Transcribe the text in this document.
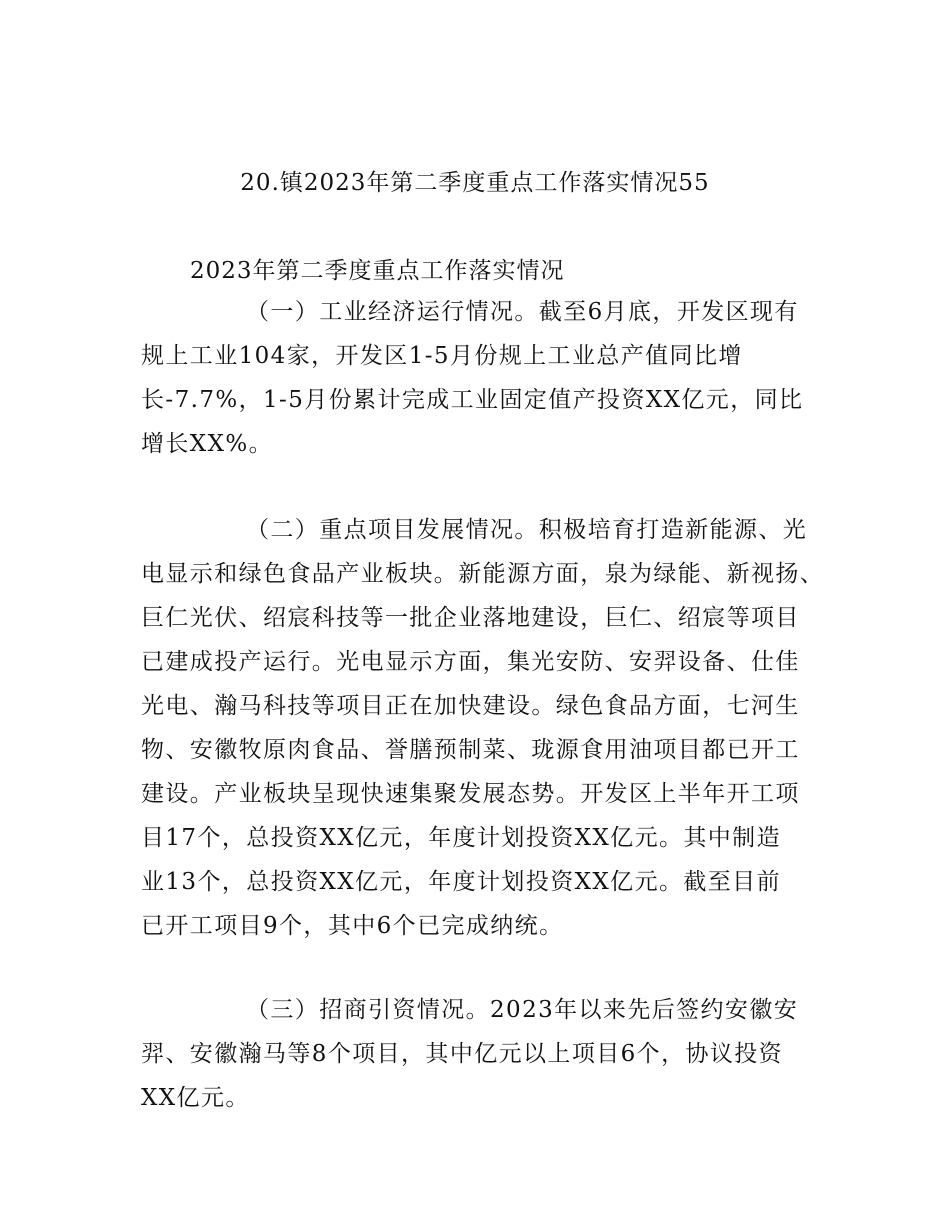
20.镇2023年第二季度重点工作落实情况55

2023年第二季度重点工作落实情况

（一）工业经济运行情况。截至6月底，开发区现有
规上工业104家，开发区1-5月份规上工业总产值同比增
长-7.7%，1-5月份累计完成工业固定值产投资XX亿元，同比
增长XX%。
（二）重点项目发展情况。积极培育打造新能源、光
电显示和绿色食品产业板块。新能源方面，泉为绿能、新视扬、
巨仁光伏、绍宸科技等一批企业落地建设，巨仁、绍宸等项目
已建成投产运行。光电显示方面，集光安防、安羿设备、仕佳
光电、瀚马科技等项目正在加快建设。绿色食品方面，七河生
物、安徽牧原肉食品、誉膳预制菜、珑源食用油项目都已开工
建设。产业板块呈现快速集聚发展态势。开发区上半年开工项
目17个，总投资XX亿元，年度计划投资XX亿元。其中制造
业13个，总投资XX亿元，年度计划投资XX亿元。截至目前
已开工项目9个，其中6个已完成纳统。
（三）招商引资情况。2023年以来先后签约安徽安
羿、安徽瀚马等8个项目，其中亿元以上项目6个，协议投资
XX亿元。
